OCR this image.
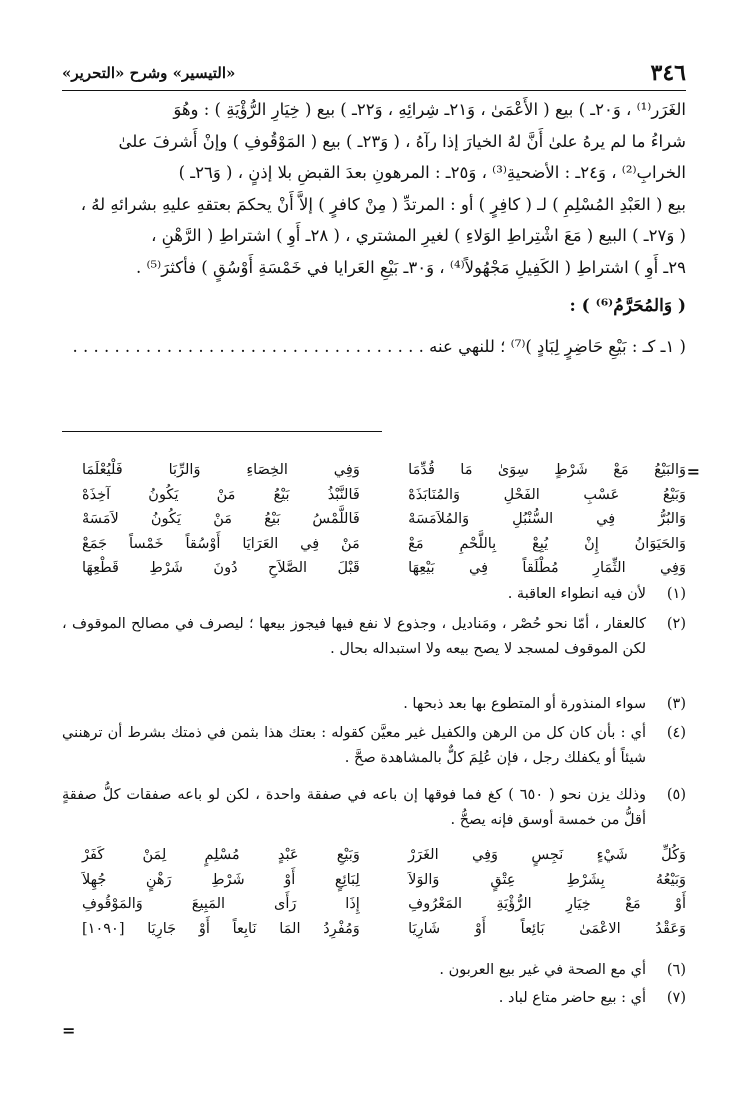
٣٤٦
«التيسير» وشرح «التحرير»

الغَرَر⁽¹⁾ ، وَ٢٠ـ ) بيع ( الأَعْمَىٰ ، وَ٢١ـ شِرائِهِ ، وَ٢٢ـ ) بيع ( خِيَارِ الرُّؤْيَةِ ) : وهُوَ

شراءُ ما لم يرهُ علىٰ أَنَّ لهُ الخيارَ إذا رآهُ ، ( وَ٢٣ـ ) بيع ( المَوْقُوفِ ) وإنْ أَشرفَ علىٰ

الخرابِ⁽²⁾ ، وَ٢٤ـ : الأضحيةِ⁽³⁾ ، وَ٢٥ـ : المرهونِ بعدَ القبضِ بلا إذنٍ ، ( وَ٢٦ـ )

بيع ( العَبْدِ المُسْلِمِ ) لـ ( كافِرٍ ) أو : المرتدِّ ( مِنْ كافرٍ ) إلاَّ أَنْ يحكمَ بعتقهِ عليهِ بشرائهِ لهُ ،

( وَ٢٧ـ ) البيع ( مَعَ اشْتِراطِ الوَلاءِ ) لغيرِ المشتري ، ( ٢٨ـ أَوِ ) اشتراطِ ( الرَّهْنِ ،

٢٩ـ أَوِ ) اشتراطِ ( الكَفِيلِ مَجْهُولاً⁽⁴⁾ ، وَ٣٠ـ بَيْعِ العَرايا في خَمْسَةِ أَوْسُقٍ ) فأكثرَ⁽⁵⁾ .

( وَالمُحَرَّمُ⁽⁶⁾ ) :

( ١ـ كـ : بَيْعِ حَاضِرٍ لِبَادٍ )⁽⁷⁾ ؛ للنهي عنه . . . . . . . . . . . . . . . . . . . . . . . . . . . . . . . . . .

=
وَالبَيْعُ مَعْ شَرْطٍ سِوَىٰ مَا قُدِّمَا
وَفِي الخِصَاءِ وَالرِّبَا فَلْيُعْلَمَا
وَبَيْعُ عَسْبِ الفَحْلِ وَالمُنَابَذَهْ
فَالنَّبْذُ بَيْعُ مَنْ يَكُونُ آخِذَهْ
وَالبُرُّ فِي السُّنْبُلِ وَالمُلاَمَسَهْ
فَاللَّمْسُ بَيْعُ مَنْ يَكُونُ لاَمَسَهْ
وَالحَيَوَانُ إِنْ يُبِعْ بِاللَّحْمِ مَعْ
مَنْ فِي العَرَايَا أَوْسُقاً خَمْساً جَمَعْ
وَفِي الثِّمَارِ مُطْلَقاً فِي بَيْعِهَا
قَبْلَ الصَّلاَحِ دُونَ شَرْطِ قَطْعِهَا
(١)
لأن فيه انطواء العاقبة .
(٢)
كالعقار ، أمّا نحو حُصْر ، ومَناديل ، وجذوع لا نفع فيها فيجوز بيعها ؛ ليصرف في مصالح الموقوف ، لكن الموقوف لمسجد لا يصح بيعه ولا استبداله بحال .
(٣)
سواء المنذورة أو المتطوع بها بعد ذبحها .
(٤)
أي : بأن كان كل من الرهن والكفيل غير معيَّن كقوله : بعتك هذا بثمن في ذمتك بشرط أن ترهنني شيئاً أو يكفلك رجل ، فإن عُلِمَ كلٌّ بالمشاهدة صحَّ .
(٥)
وذلك يزن نحو ( ٦٥٠ ) كغ فما فوقها إن باعه في صفقة واحدة ، لكن لو باعه صفقات كلُّ صفقةٍ أقلُّ من خمسة أوسق فإنه يصحُّ .
وَكُلِّ شَيْءٍ نَجِسٍ وَفِي الغَرَرْ
وَبَيْعِ عَبْدٍ مُسْلِمٍ لِمَنْ كَفَرْ
وَبَيْعُهُ بِشَرْطِ عِتْقٍ وَالوَلاَ
لِبَائِعٍ أَوْ شَرْطِ رَهْنٍ جُهِلاَ
أَوْ مَعْ خِيَارِ الرُّؤْيَةِ المَعْرُوفِ
إِذَا رَأَى المَبِيعَ وَالمَوْقُوفِ
وَعَقْدُ الاعْمَىٰ بَائِعاً أَوْ شَارِيَا
وَمُفْرِدُ المَا نَابِعاً أَوْ جَارِيَا [١٠٩٠]
(٦)
أي مع الصحة في غير بيع العربون .
(٧)
أي : بيع حاضر متاع لباد .
=
